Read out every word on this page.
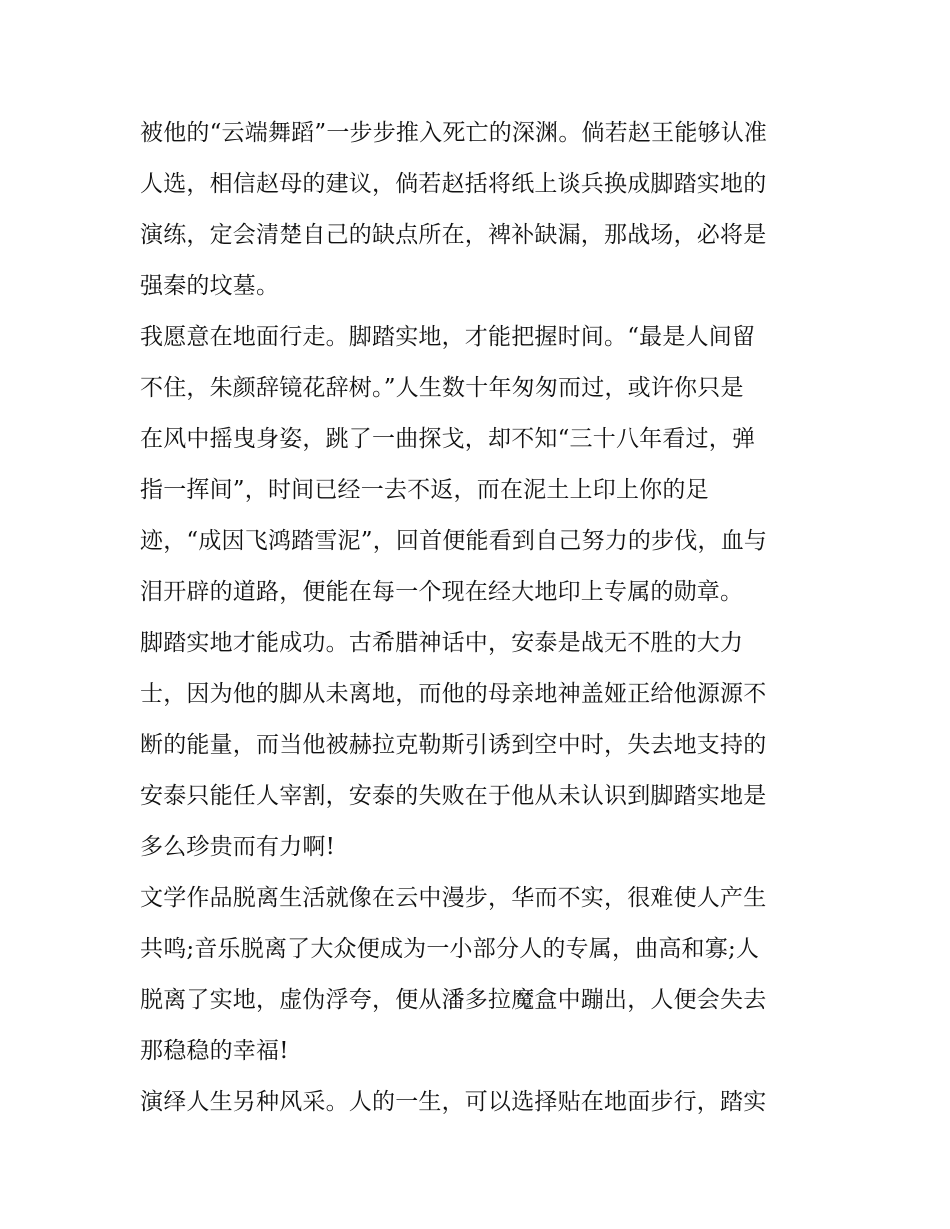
被他的“云端舞蹈”一步步推入死亡的深渊。倘若赵王能够认准
人选，相信赵母的建议，倘若赵括将纸上谈兵换成脚踏实地的
演练，定会清楚自己的缺点所在，裨补缺漏，那战场，必将是
强秦的坟墓。
我愿意在地面行走。脚踏实地，才能把握时间。“最是人间留
不住，朱颜辞镜花辞树。”人生数十年匆匆而过，或许你只是
在风中摇曳身姿，跳了一曲探戈，却不知“三十八年看过，弹
指一挥间”，时间已经一去不返，而在泥土上印上你的足
迹，“成因飞鸿踏雪泥”，回首便能看到自己努力的步伐，血与
泪开辟的道路，便能在每一个现在经大地印上专属的勋章。
脚踏实地才能成功。古希腊神话中，安泰是战无不胜的大力
士，因为他的脚从未离地，而他的母亲地神盖娅正给他源源不
断的能量，而当他被赫拉克勒斯引诱到空中时，失去地支持的
安泰只能任人宰割，安泰的失败在于他从未认识到脚踏实地是
多么珍贵而有力啊!
文学作品脱离生活就像在云中漫步，华而不实，很难使人产生
共鸣;音乐脱离了大众便成为一小部分人的专属，曲高和寡;人
脱离了实地，虚伪浮夸，便从潘多拉魔盒中蹦出，人便会失去
那稳稳的幸福!
演绎人生另种风采。人的一生，可以选择贴在地面步行，踏实
